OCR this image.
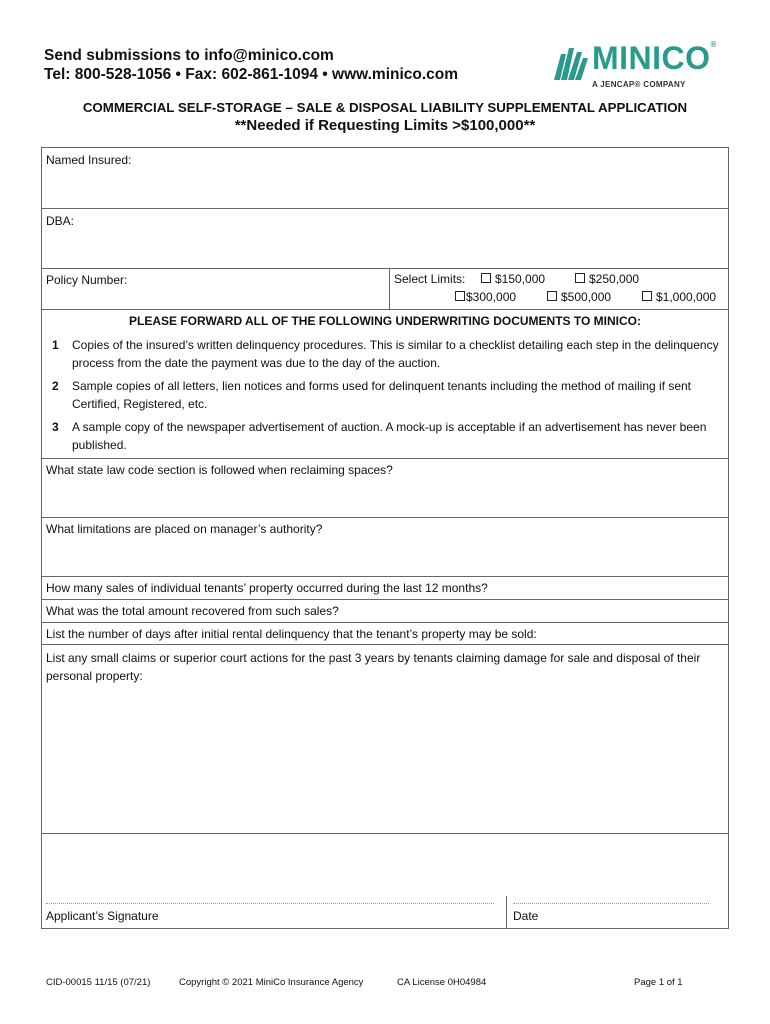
Send submissions to info@minico.com
Tel: 800-528-1056 • Fax: 602-861-1094 • www.minico.com	MINICO®
A JENCAP® COMPANY
COMMERCIAL SELF-STORAGE – SALE & DISPOSAL LIABILITY SUPPLEMENTAL APPLICATION
**Needed if Requesting Limits >$100,000**
Named Insured:
DBA:
Policy Number:	Select Limits:	$150,000	$250,000
$300,000	$500,000	$1,000,000
PLEASE FORWARD ALL OF THE FOLLOWING UNDERWRITING DOCUMENTS TO MINICO:
1 Copies of the insured’s written delinquency procedures. This is similar to a checklist detailing each step in the delinquency process from the date the payment was due to the day of the auction.
2 Sample copies of all letters, lien notices and forms used for delinquent tenants including the method of mailing if sent Certified, Registered, etc.
3 A sample copy of the newspaper advertisement of auction. A mock-up is acceptable if an advertisement has never been published.
What state law code section is followed when reclaiming spaces?
What limitations are placed on manager’s authority?
How many sales of individual tenants’ property occurred during the last 12 months?
What was the total amount recovered from such sales?
List the number of days after initial rental delinquency that the tenant’s property may be sold:
List any small claims or superior court actions for the past 3 years by tenants claiming damage for sale and disposal of their personal property:
Applicant’s Signature	Date
CID-00015 11/15 (07/21)	Copyright © 2021 MiniCo Insurance Agency	CA License 0H04984	Page 1 of 1
